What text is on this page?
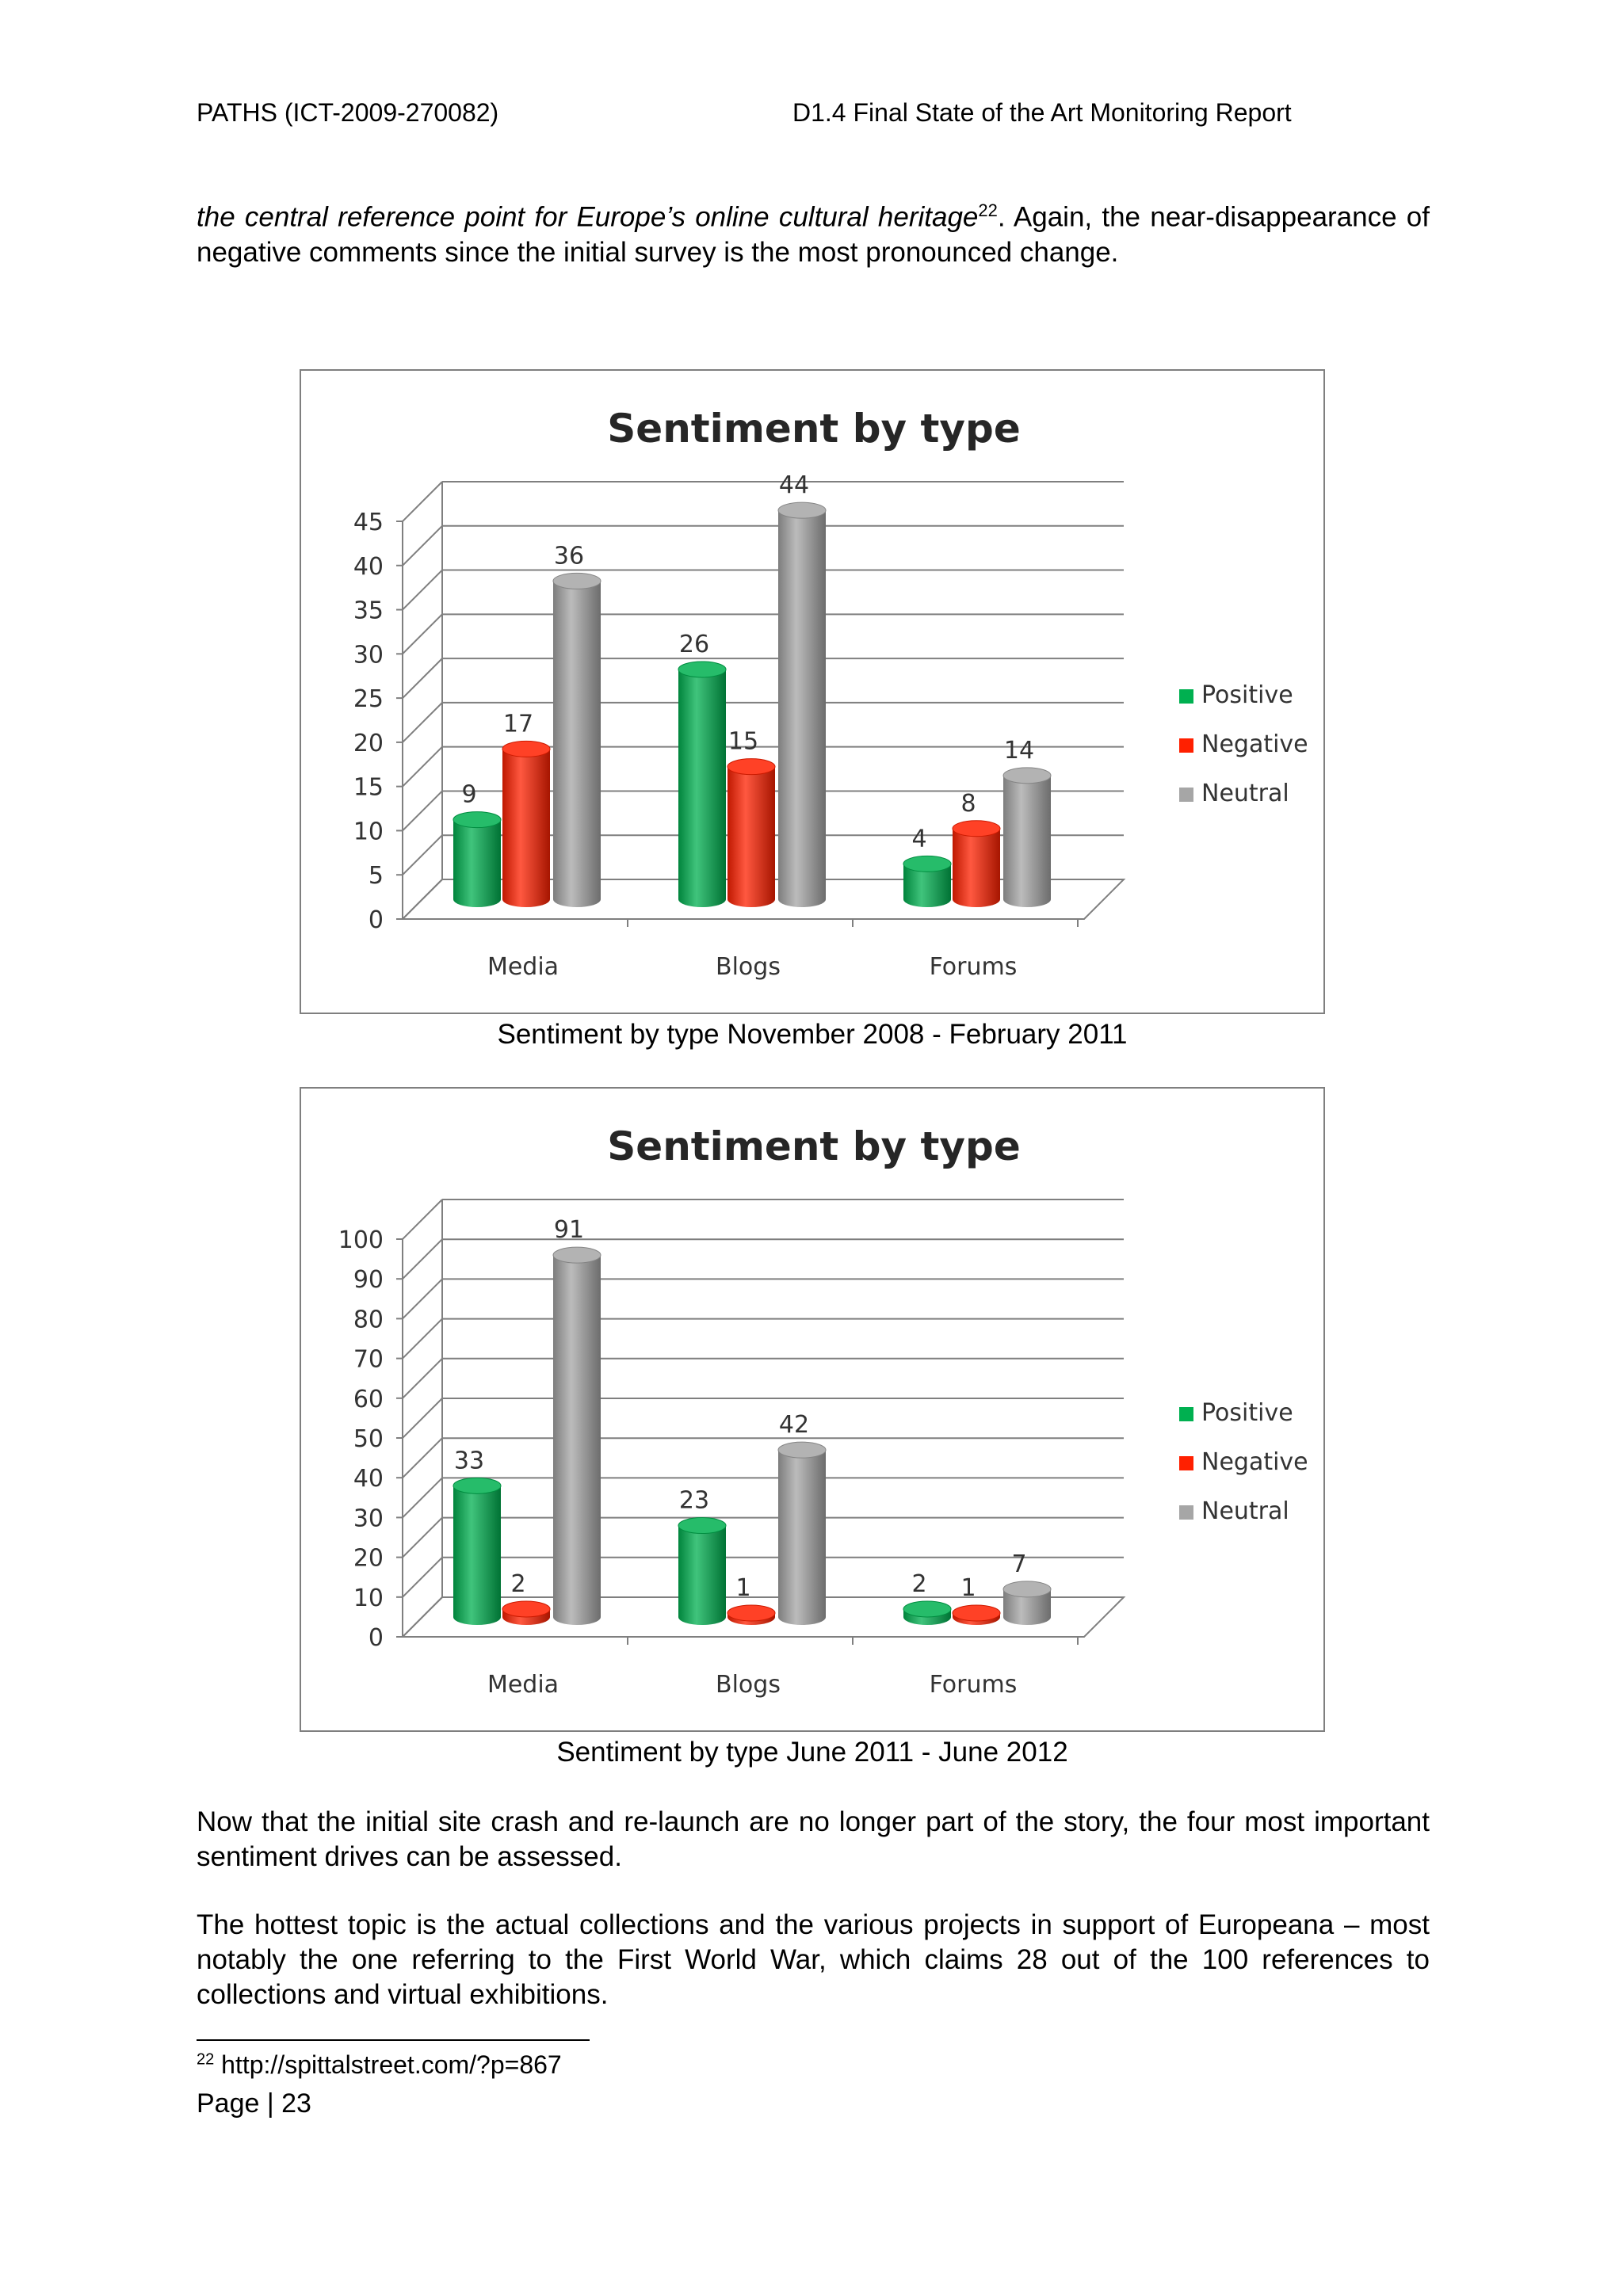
PATHS (ICT-2009-270082)	D1.4 Final State of the Art Monitoring Report
the central reference point for Europe’s online cultural heritage$^{22}$. Again, the near-disappearance of negative comments since the initial survey is the most pronounced change.
Sentiment by type
0
5
10
15
20
25
30
35
40
45
Media	Blogs	Forums
9
17
36
26
15
44
4
8
14
Positive
Negative
Neutral
Sentiment by type November 2008 - February 2011
Sentiment by type
0
10
20
30
40
50
60
70
80
90
100
Media	Blogs	Forums
33
2
91
23
1
42
2 1
7
Positive
Negative
Neutral
Sentiment by type June 2011 - June 2012
Now that the initial site crash and re-launch are no longer part of the story, the four most important sentiment drives can be assessed.
The hottest topic is the actual collections and the various projects in support of Europeana – most notably the one referring to the First World War, which claims 28 out of the 100 references to collections and virtual exhibitions.
$^{22}$ http://spittalstreet.com/?p=867
Page | 23
